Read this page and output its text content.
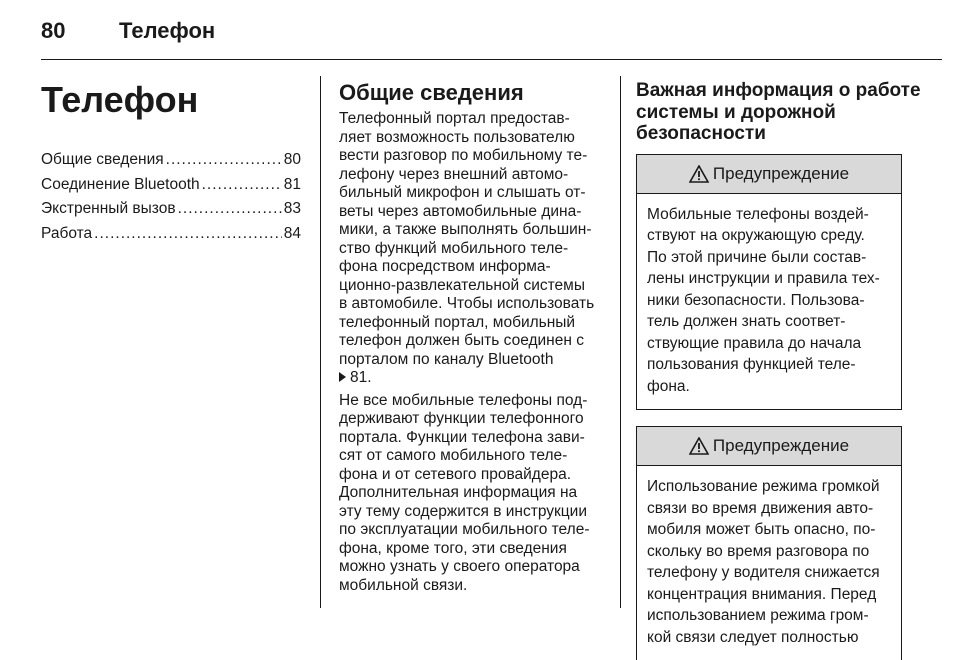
80	Телефон
Телефон
Общие сведения .....	80
Соединение Bluetooth .....	81
Экстренный вызов .....	83
Работа .....	84
Общие сведения
Телефонный портал предостав-
ляет возможность пользователю
вести разговор по мобильному те-
лефону через внешний автомо-
бильный микрофон и слышать от-
веты через автомобильные дина-
мики, а также выполнять большин-
ство функций мобильного теле-
фона посредством информа-
ционно-развлекательной системы
в автомобиле. Чтобы использовать
телефонный портал, мобильный
телефон должен быть соединен с
порталом по каналу Bluetooth
81.
Не все мобильные телефоны под-
держивают функции телефонного
портала. Функции телефона зави-
сят от самого мобильного теле-
фона и от сетевого провайдера.
Дополнительная информация на
эту тему содержится в инструкции
по эксплуатации мобильного теле-
фона, кроме того, эти сведения
можно узнать у своего оператора
мобильной связи.
Важная информация о работе
системы и дорожной
безопасности
Предупреждение
Мобильные телефоны воздей-
ствуют на окружающую среду.
По этой причине были состав-
лены инструкции и правила тех-
ники безопасности. Пользова-
тель должен знать соответ-
ствующие правила до начала
пользования функцией теле-
фона.
Предупреждение
Использование режима громкой
связи во время движения авто-
мобиля может быть опасно, по-
скольку во время разговора по
телефону у водителя снижается
концентрация внимания. Перед
использованием режима гром-
кой связи следует полностью
